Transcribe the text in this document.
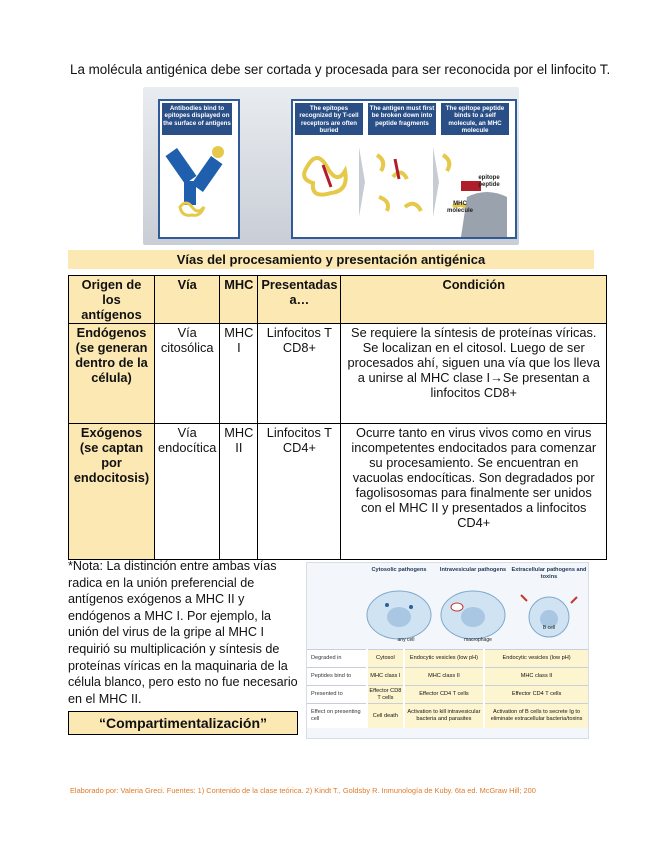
La molécula antigénica debe ser cortada y procesada para ser reconocida por el linfocito T.
Antibodies bind to epitopes displayed on the surface of antigens
The epitopes recognized by T-cell receptors are often buried
The antigen must first be broken down into peptide fragments
The epitope peptide binds to a self molecule, an MHC molecule
epitope peptide
MHC molecule
Vías del procesamiento y presentación antigénica
Origen de los antígenos	Vía	MHC	Presentadas a…	Condición
Endógenos (se generan dentro de la célula)	Vía citosólica	MHC I	Linfocitos T CD8+	Se requiere la síntesis de proteínas víricas. Se localizan en el citosol. Luego de ser procesados ahí, siguen una vía que los lleva a unirse al MHC clase I→Se presentan a linfocitos CD8+
Exógenos (se captan por endocitosis)	Vía endocítica	MHC II	Linfocitos T CD4+	Ocurre tanto en virus vivos como en virus incompetentes endocitados para comenzar su procesamiento. Se encuentran en vacuolas endocíticas. Son degradados por fagolisosomas para finalmente ser unidos con el MHC II y presentados a linfocitos CD4+
*Nota: La distinción entre ambas vías radica en la unión preferencial de antígenos exógenos a MHC II y endógenos a MHC I. Por ejemplo, la unión del virus de la gripe al MHC I requirió su multiplicación y síntesis de proteínas víricas en la maquinaria de la célula blanco, pero esto no fue necesario en el MHC II.
“Compartimentalización”
Cytosolic pathogens	Intravesicular pathogens Extracellular pathogens and toxins
any cell	macrophage
B cell
Degraded in	Cytosol	Endocytic vesicles (low pH)	Endocytic vesicles (low pH)
Peptides bind to	MHC class I	MHC class II	MHC class II
Presented to	Effector CD8 T cells	Effector CD4 T cells	Effector CD4 T cells
Effect on presenting cell	Cell death	Activation to kill intravesicular bacteria and parasites	Activation of B cells to secrete Ig to eliminate extracellular bacteria/toxins
Elaborado por: Valeria Greci. Fuentes: 1) Contenido de la clase teórica. 2) Kindt T., Goldsby R. Inmunología de Kuby. 6ta ed. McGraw Hill; 200
